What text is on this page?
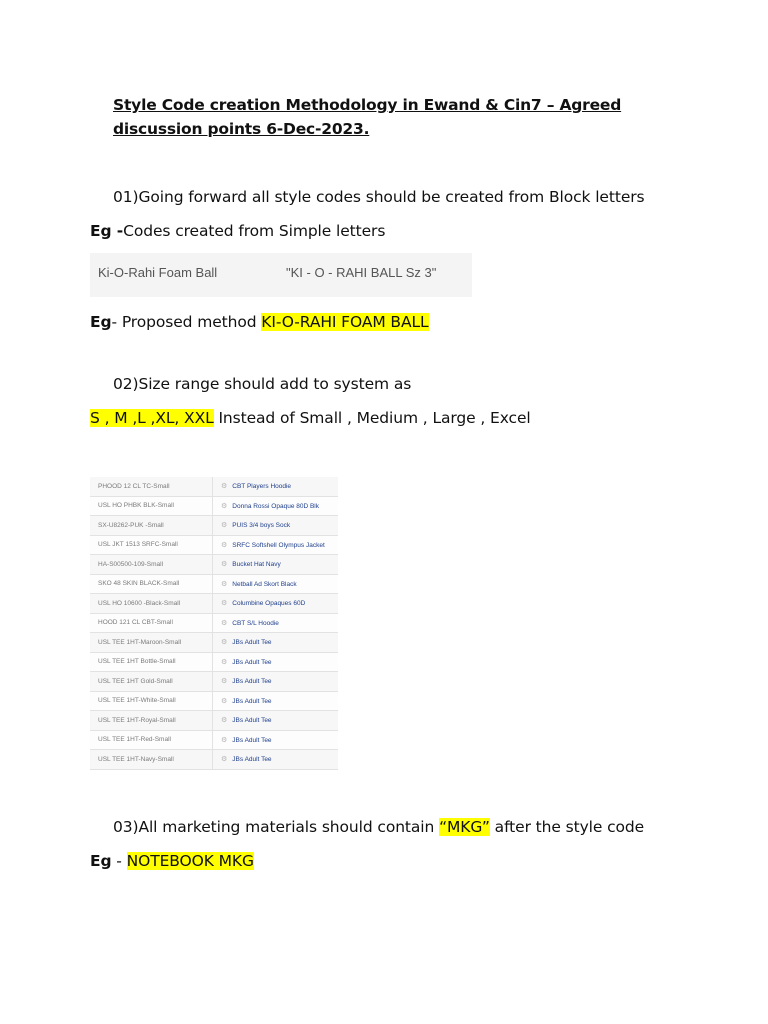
Style Code creation Methodology in Ewand & Cin7 – Agreed discussion points 6-Dec-2023.
01)Going forward all style codes should be created from Block letters
Eg -Codes created from Simple letters
Ki-O-Rahi Foam Ball	"KI - O - RAHI BALL Sz 3"
Eg- Proposed method KI-O-RAHI FOAM BALL
02)Size range should add to system as
S , M ,L ,XL, XXL Instead of Small , Medium , Large , Excel
PHOOD 12 CL TC-Small	⚙ CBT Players Hoodie
USL HO PHBK BLK-Small	⚙ Donna Rossi Opaque 80D Blk
SX-U8262-PUK -Small	⚙ PUIS 3/4 boys Sock
USL JKT 1513 SRFC-Small	⚙ SRFC Softshell Olympus Jacket
HA-S00500-109-Small	⚙ Bucket Hat Navy
SKO 48 SKIN BLACK-Small	⚙ Netball Ad Skort Black
USL HO 10600 -Black-Small	⚙ Columbine Opaques 60D
HOOD 121 CL CBT-Small	⚙ CBT S/L Hoodie
USL TEE 1HT-Maroon-Small	⚙ JBs Adult Tee
USL TEE 1HT Bottle-Small	⚙ JBs Adult Tee
USL TEE 1HT Gold-Small	⚙ JBs Adult Tee
USL TEE 1HT-White-Small	⚙ JBs Adult Tee
USL TEE 1HT-Royal-Small	⚙ JBs Adult Tee
USL TEE 1HT-Red-Small	⚙ JBs Adult Tee
USL TEE 1HT-Navy-Small	⚙ JBs Adult Tee
03)All marketing materials should contain “MKG” after the style code
Eg - NOTEBOOK MKG
